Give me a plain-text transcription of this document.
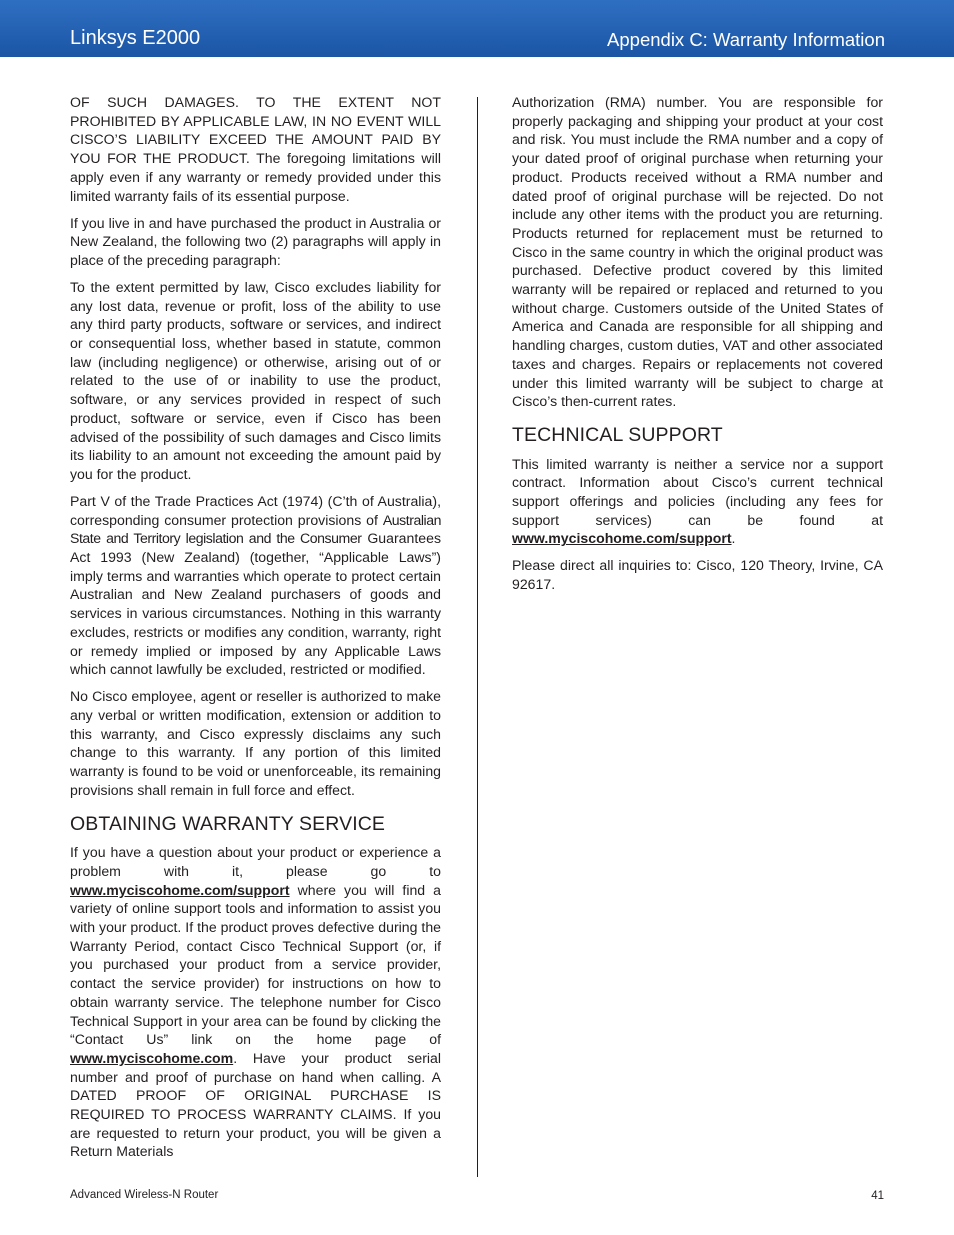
Linksys E2000	Appendix C: Warranty Information

OF SUCH DAMAGES. TO THE EXTENT NOT PROHIBITED BY APPLICABLE LAW, IN NO EVENT WILL CISCO’S LIABILITY EXCEED THE AMOUNT PAID BY YOU FOR THE PRODUCT. The foregoing limitations will apply even if any warranty or remedy provided under this limited warranty fails of its essential purpose.

If you live in and have purchased the product in Australia or New Zealand, the following two (2) paragraphs will apply in place of the preceding paragraph:

To the extent permitted by law, Cisco excludes liability for any lost data, revenue or profit, loss of the ability to use any third party products, software or services, and indirect or consequential loss, whether based in statute, common law (including negligence) or otherwise, arising out of or related to the use of or inability to use the product, software, or any services provided in respect of such product, software or service, even if Cisco has been advised of the possibility of such damages and Cisco limits its liability to an amount not exceeding the amount paid by you for the product.

Part V of the Trade Practices Act (1974) (C’th of Australia), corresponding consumer protection provisions of Australian State and Territory legislation and the Consumer Guarantees Act 1993 (New Zealand) (together, “Applicable Laws”) imply terms and warranties which operate to protect certain Australian and New Zealand purchasers of goods and services in various circumstances. Nothing in this warranty excludes, restricts or modifies any condition, warranty, right or remedy implied or imposed by any Applicable Laws which cannot lawfully be excluded, restricted or modified.

No Cisco employee, agent or reseller is authorized to make any verbal or written modification, extension or addition to this warranty, and Cisco expressly disclaims any such change to this warranty. If any portion of this limited warranty is found to be void or unenforceable, its remaining provisions shall remain in full force and effect.

OBTAINING WARRANTY SERVICE

If you have a question about your product or experience a problem with it, please go to www.myciscohome.com/support where you will find a variety of online support tools and information to assist you with your product. If the product proves defective during the Warranty Period, contact Cisco Technical Support (or, if you purchased your product from a service provider, contact the service provider) for instructions on how to obtain warranty service. The telephone number for Cisco Technical Support in your area can be found by clicking the “Contact Us” link on the home page of www.myciscohome.com. Have your product serial number and proof of purchase on hand when calling. A DATED PROOF OF ORIGINAL PURCHASE IS REQUIRED TO PROCESS WARRANTY CLAIMS. If you are requested to return your product, you will be given a Return Materials

Authorization (RMA) number. You are responsible for properly packaging and shipping your product at your cost and risk. You must include the RMA number and a copy of your dated proof of original purchase when returning your product. Products received without a RMA number and dated proof of original purchase will be rejected. Do not include any other items with the product you are returning. Products returned for replacement must be returned to Cisco in the same country in which the original product was purchased. Defective product covered by this limited warranty will be repaired or replaced and returned to you without charge. Customers outside of the United States of America and Canada are responsible for all shipping and handling charges, custom duties, VAT and other associated taxes and charges. Repairs or replacements not covered under this limited warranty will be subject to charge at Cisco’s then-current rates.

TECHNICAL SUPPORT

This limited warranty is neither a service nor a support contract. Information about Cisco’s current technical support offerings and policies (including any fees for support services) can be found at www.myciscohome.com/support.

Please direct all inquiries to: Cisco, 120 Theory, Irvine, CA 92617.

Advanced Wireless-N Router	41
